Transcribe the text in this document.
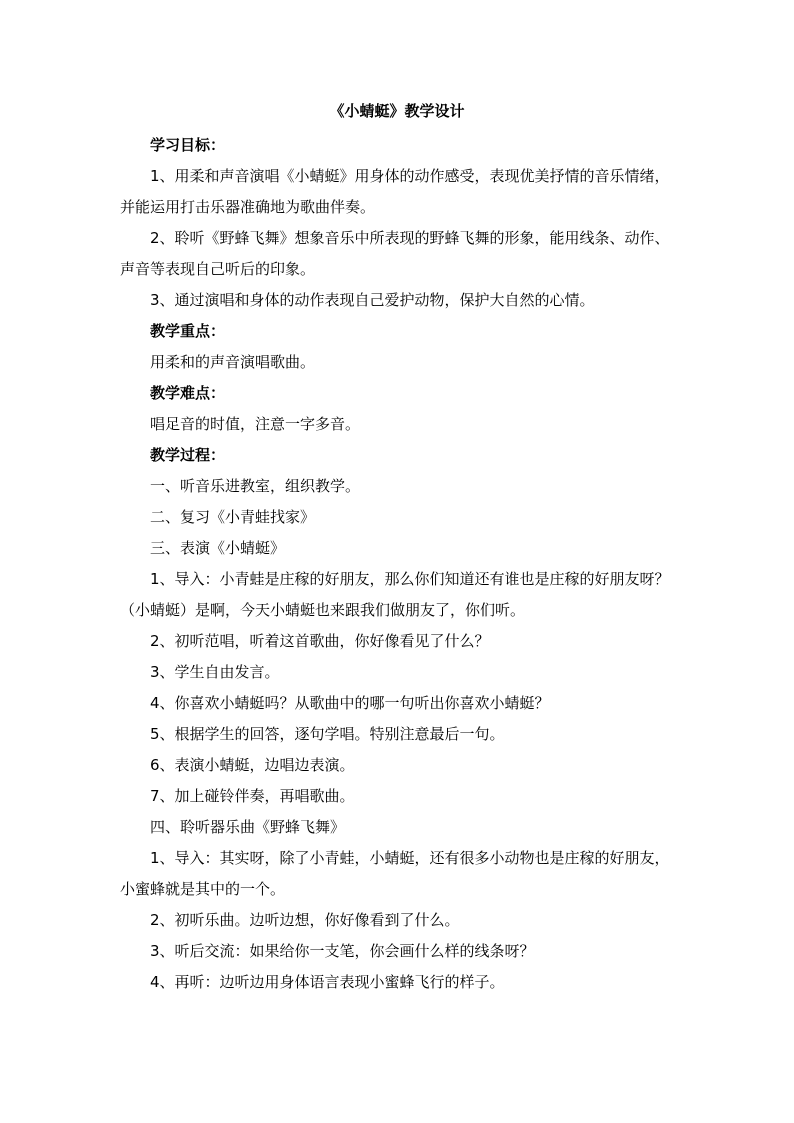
《小蜻蜓》教学设计

学习目标：

1、用柔和声音演唱《小蜻蜓》用身体的动作感受，表现优美抒情的音乐情绪，并能运用打击乐器准确地为歌曲伴奏。

2、聆听《野蜂飞舞》想象音乐中所表现的野蜂飞舞的形象，能用线条、动作、声音等表现自己听后的印象。

3、通过演唱和身体的动作表现自己爱护动物，保护大自然的心情。

教学重点：

用柔和的声音演唱歌曲。

教学难点：

唱足音的时值，注意一字多音。

教学过程：

一、听音乐进教室，组织教学。

二、复习《小青蛙找家》

三、表演《小蜻蜓》

1、导入：小青蛙是庄稼的好朋友，那么你们知道还有谁也是庄稼的好朋友呀？（小蜻蜓）是啊，今天小蜻蜓也来跟我们做朋友了，你们听。

2、初听范唱，听着这首歌曲，你好像看见了什么？

3、学生自由发言。

4、你喜欢小蜻蜓吗？从歌曲中的哪一句听出你喜欢小蜻蜓？

5、根据学生的回答，逐句学唱。特别注意最后一句。

6、表演小蜻蜓，边唱边表演。

7、加上碰铃伴奏，再唱歌曲。

四、聆听器乐曲《野蜂飞舞》

1、导入：其实呀，除了小青蛙，小蜻蜓，还有很多小动物也是庄稼的好朋友，小蜜蜂就是其中的一个。

2、初听乐曲。边听边想，你好像看到了什么。

3、听后交流：如果给你一支笔，你会画什么样的线条呀？

4、再听：边听边用身体语言表现小蜜蜂飞行的样子。
